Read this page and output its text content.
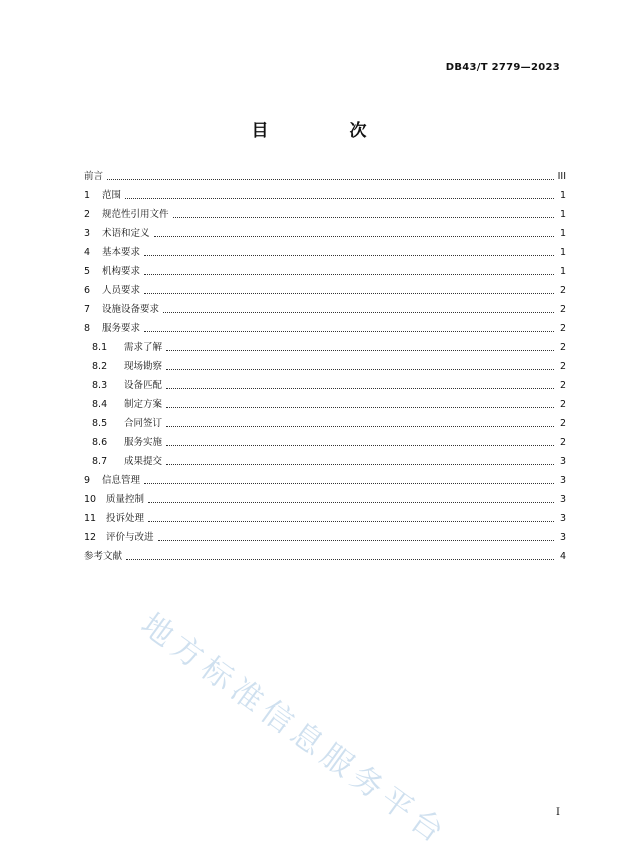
DB43/T 2779—2023
目　次
前言	III
1	范围	1
2	规范性引用文件	1
3	术语和定义	1
4	基本要求	1
5	机构要求	1
6	人员要求	2
7	设施设备要求	2
8	服务要求	2
8.1	需求了解	2
8.2	现场勘察	2
8.3	设备匹配	2
8.4	制定方案	2
8.5	合同签订	2
8.6	服务实施	2
8.7	成果提交	3
9	信息管理	3
10	质量控制	3
11	投诉处理	3
12	评价与改进	3
参考文献	4
地方标准信息服务平台	I
